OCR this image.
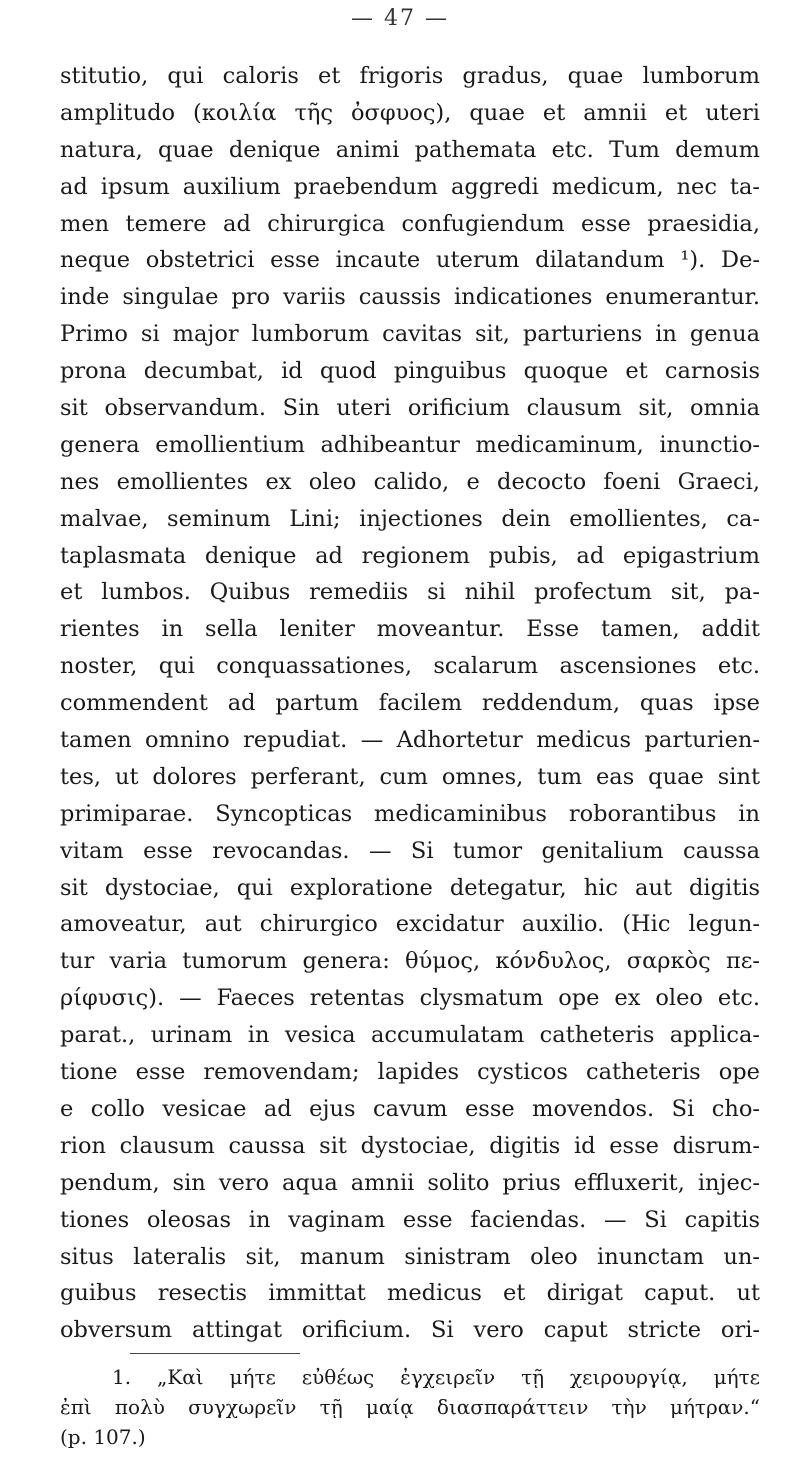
— 47 —
stitutio, qui caloris et frigoris gradus, quae lumborum
amplitudo (κοιλία τῆς ὀσφυος), quae et amnii et uteri
natura, quae denique animi pathemata etc. Tum demum
ad ipsum auxilium praebendum aggredi medicum, nec ta-
men temere ad chirurgica confugiendum esse praesidia,
neque obstetrici esse incaute uterum dilatandum ¹). De-
inde singulae pro variis caussis indicationes enumerantur.
Primo si major lumborum cavitas sit, parturiens in genua
prona decumbat, id quod pinguibus quoque et carnosis
sit observandum. Sin uteri orificium clausum sit, omnia
genera emollientium adhibeantur medicaminum, inunctio-
nes emollientes ex oleo calido, e decocto foeni Graeci,
malvae, seminum Lini; injectiones dein emollientes, ca-
taplasmata denique ad regionem pubis, ad epigastrium
et lumbos. Quibus remediis si nihil profectum sit, pa-
rientes in sella leniter moveantur. Esse tamen, addit
noster, qui conquassationes, scalarum ascensiones etc.
commendent ad partum facilem reddendum, quas ipse
tamen omnino repudiat. — Adhortetur medicus parturien-
tes, ut dolores perferant, cum omnes, tum eas quae sint
primiparae. Syncopticas medicaminibus roborantibus in
vitam esse revocandas. — Si tumor genitalium caussa
sit dystociae, qui exploratione detegatur, hic aut digitis
amoveatur, aut chirurgico excidatur auxilio. (Hic legun-
tur varia tumorum genera: θύμος, κόνδυλος, σαρκὸς πε-
ρίφυσις). — Faeces retentas clysmatum ope ex oleo etc.
parat., urinam in vesica accumulatam catheteris applica-
tione esse removendam; lapides cysticos catheteris ope
e collo vesicae ad ejus cavum esse movendos. Si cho-
rion clausum caussa sit dystociae, digitis id esse disrum-
pendum, sin vero aqua amnii solito prius effluxerit, injec-
tiones oleosas in vaginam esse faciendas. — Si capitis
situs lateralis sit, manum sinistram oleo inunctam un-
guibus resectis immittat medicus et dirigat caput. ut
obversum attingat orificium. Si vero caput stricte ori-
1. „Καὶ μήτε εὐθέως ἐγχειρεῖν τῇ χειρουργίᾳ, μήτε
ἐπὶ πολὺ συγχωρεῖν τῇ μαίᾳ διασπαράττειν τὴν μήτραν.“
(p. 107.)
